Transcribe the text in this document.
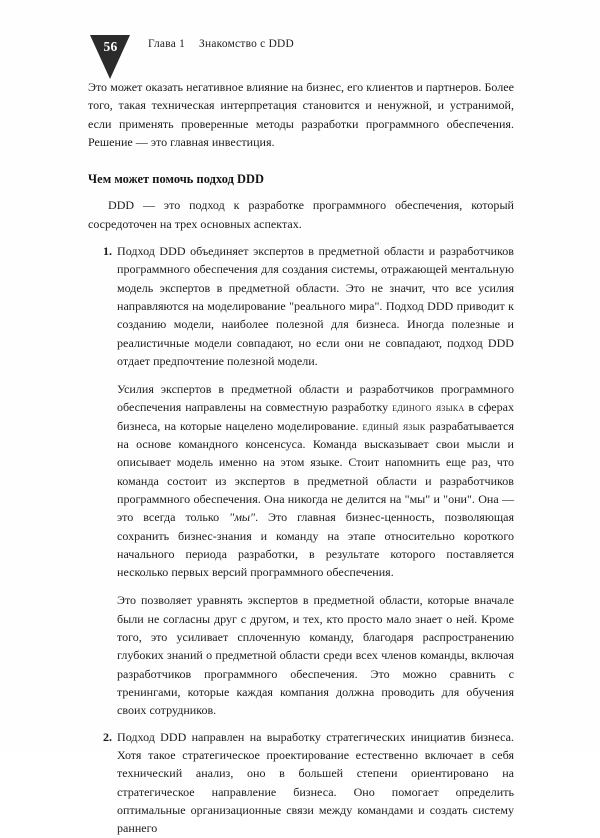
56	Глава 1 Знакомство с DDD

Это может оказать негативное влияние на бизнес, его клиентов и партнеров. Более того, такая техническая интерпретация становится и ненужной, и устранимой, если применять проверенные методы разработки программного обеспечения. Решение — это главная инвестиция.

Чем может помочь подход DDD

DDD — это подход к разработке программного обеспечения, который сосредоточен на трех основных аспектах.

1. Подход DDD объединяет экспертов в предметной области и разработчиков программного обеспечения для создания системы, отражающей ментальную модель экспертов в предметной области. Это не значит, что все усилия направляются на моделирование "реального мира". Подход DDD приводит к созданию модели, наиболее полезной для бизнеса. Иногда полезные и реалистичные модели совпадают, но если они не совпадают, подход DDD отдает предпочтение полезной модели.

Усилия экспертов в предметной области и разработчиков программного обеспечения направлены на совместную разработку единого языка в сферах бизнеса, на которые нацелено моделирование. единый язык разрабатывается на основе командного консенсуса. Команда высказывает свои мысли и описывает модель именно на этом языке. Стоит напомнить еще раз, что команда состоит из экспертов в предметной области и разработчиков программного обеспечения. Она никогда не делится на "мы" и "они". Она — это всегда только "мы". Это главная бизнес-ценность, позволяющая сохранить бизнес-знания и команду на этапе относительно короткого начального периода разработки, в результате которого поставляется несколько первых версий программного обеспечения.

Это позволяет уравнять экспертов в предметной области, которые вначале были не согласны друг с другом, и тех, кто просто мало знает о ней. Кроме того, это усиливает сплоченную команду, благодаря распространению глубоких знаний о предметной области среди всех членов команды, включая разработчиков программного обеспечения. Это можно сравнить с тренингами, которые каждая компания должна проводить для обучения своих сотрудников.

2. Подход DDD направлен на выработку стратегических инициатив бизнеса. Хотя такое стратегическое проектирование естественно включает в себя технический анализ, оно в большей степени ориентировано на стратегическое направление бизнеса. Оно помогает определить оптимальные организационные связи между командами и создать систему раннего
